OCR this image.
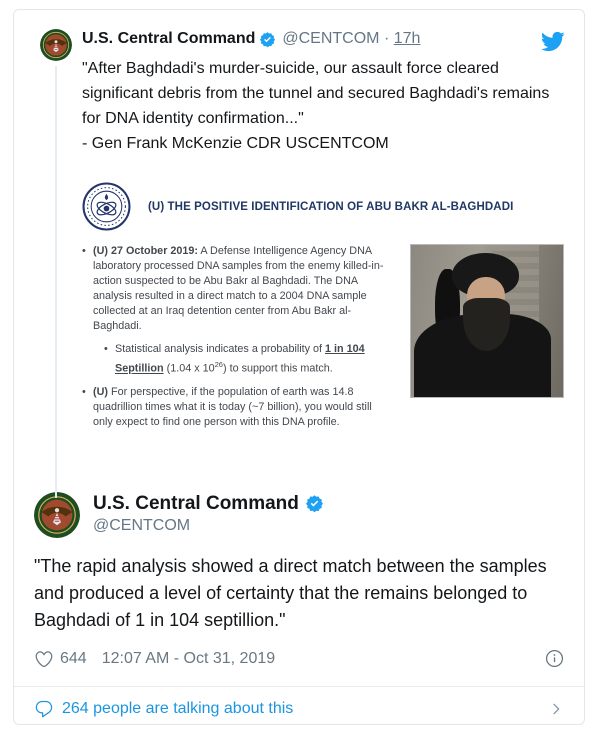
U.S. Central Command @CENTCOM · 17h
"After Baghdadi's murder-suicide, our assault force cleared significant debris from the tunnel and secured Baghdadi's remains for DNA identity confirmation..."
- Gen Frank McKenzie CDR USCENTCOM
(U) THE POSITIVE IDENTIFICATION OF ABU BAKR AL-BAGHDADI
• (U) 27 October 2019: A Defense Intelligence Agency DNA laboratory processed DNA samples from the enemy killed-in-action suspected to be Abu Bakr al Baghdadi. The DNA analysis resulted in a direct match to a 2004 DNA sample collected at an Iraq detention center from Abu Bakr al-Baghdadi.
• Statistical analysis indicates a probability of 1 in 104 Septillion (1.04 x $10^{26}$) to support this match.
• (U) For perspective, if the population of earth was 14.8 quadrillion times what it is today (~7 billion), you would still only expect to find one person with this DNA profile.
U.S. Central Command
@CENTCOM
"The rapid analysis showed a direct match between the samples and produced a level of certainty that the remains belonged to Baghdadi of 1 in 104 septillion."
644 12:07 AM - Oct 31, 2019
264 people are talking about this
